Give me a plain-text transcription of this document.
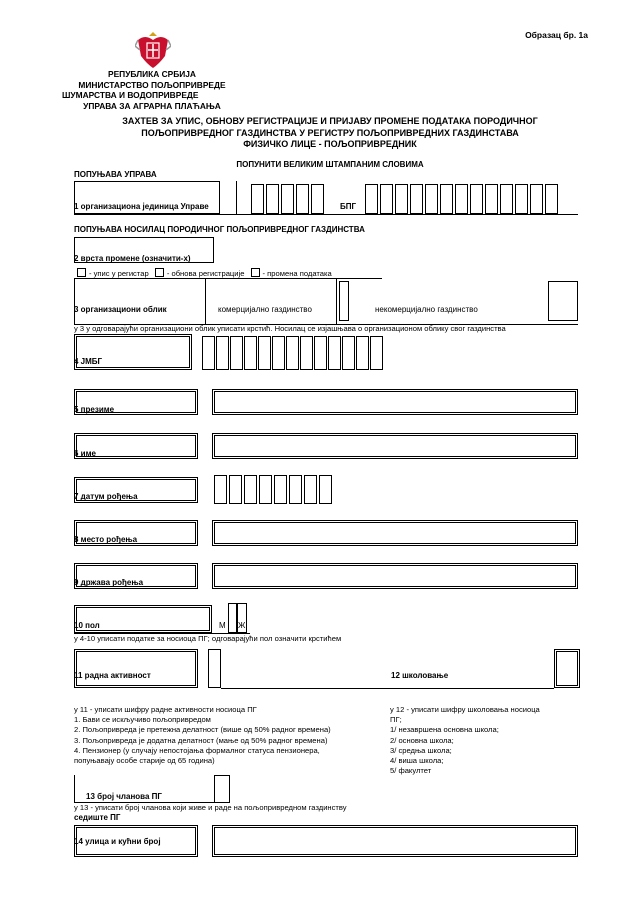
Образац бр. 1а
РЕПУБЛИКА СРБИЈА
МИНИСТАРСТВО ПОЉОПРИВРЕДЕ
ШУМАРСТВА И ВОДОПРИВРЕДЕ
УПРАВА ЗА АГРАРНА ПЛАЋАЊА
ЗАХТЕВ ЗА УПИС, ОБНОВУ РЕГИСТРАЦИЈЕ И ПРИЈАВУ ПРОМЕНЕ ПОДАТАКА ПОРОДИЧНОГ
ПОЉОПРИВРЕДНОГ ГАЗДИНСТВА У РЕГИСТРУ ПОЉОПРИВРЕДНИХ ГАЗДИНСТАВА
ФИЗИЧКО ЛИЦЕ - ПОЉОПРИВРЕДНИК
ПОПУНИТИ ВЕЛИКИМ ШТАМПАНИМ СЛОВИМА
ПОПУЊАВА УПРАВА
1 организациона јединица Управе	БПГ
ПОПУЊАВА НОСИЛАЦ ПОРОДИЧНОГ ПОЉОПРИВРЕДНОГ ГАЗДИНСТВА
2 врста промене (означити-х)
- упис у регистар - обнова регистрације - промена података
3 организациони облик	комерцијално газдинство	некомерцијално газдинство
у 3 у одговарајући организациони облик уписати крстић. Носилац се изјашњава о организационом облику свог газдинства
4 ЈМБГ
5 презиме
6 име
7 датум рођења
8 место рођења
9 држава рођења
10 пол	М Ж
у 4-10 уписати податке за носиоца ПГ; одговарајући пол означити крстићем
11 радна активност	12 школовање
у 11 - уписати шифру радне активности носиоца ПГ
1. Бави се искључиво пољопривредом
2. Пољопривреда је претежна делатност (више од 50% радног времена)
3. Пољопривреда је додатна делатност (мање од 50% радног времена)
4. Пензионер (у случају непостојања формалног статуса пензионера,
попуњавају особе старије од 65 година)
у 12 - уписати шифру школовања носиоца
ПГ;
1/ незавршена основна школа;
2/ основна школа;
3/ средња школа;
4/ виша школа;
5/ факултет
13 број чланова ПГ
у 13 - уписати број чланова који живе и раде на пољопривредном газдинству
седиште ПГ
14 улица и кућни број
